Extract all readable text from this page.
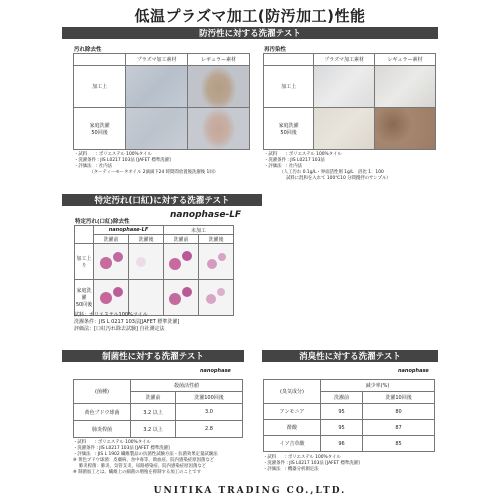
低温プラズマ加工(防汚加工)性能
防汚性に対する洗濯テスト
汚れ除去性
	プラズマ加工素材	レギュラー素材
加工上	

家庭洗濯
50回後	

・試料　　: ポリエステル 100%タイル
・洗濯条件 : JIS L0217 103法 [JAFET 標準洗濯]
・評価法　: 社内法
　　　　（ターティーモータオイル 2滴滴下24 時間間放置後洗濯後 1回）
再汚染性
	プラズマ加工素材	レギュラー素材
加工上	

家庭洗濯
50回後	

・試料　　: ポリエステル 100%タイル
・洗濯条件 : JIS L0217 103法
・評価法　: 社内法
　　　　（人工汚れ 0.1g/L・界面活性剤 1g/L　浴比 1：100
　　　　　試料に混和を入れて 100℃10 分間攪拌のサンプル）
特定汚れ(口紅)に対する洗濯テスト
特定汚れ(口紅)除去性
nanophase-LF
	nanophase-LF		未加工	
	洗濯前	洗濯後	洗濯前	洗濯後
加工上り				
家庭洗濯
50回後				
試料：ポリエステル100%ツイル
洗濯条件：JIS L 0217 103法[JAFET 標準洗濯]
評価法：[口紅汚れ除去試験] 自社測定法
制菌性に対する洗濯テスト
nanophase
(菌種)	殺菌活性値	
	洗濯前	洗濯100回後
黄色ブドウ球菌	3.2 以上	3.0
肺炎桿菌	3.2 以上	2.8
・試料　　: ポリエステル 100%タイル
・洗濯条件 : JIS L0217 103法 [JAFET 標準洗濯]
・評価法　: JIS L 1902 繊維製品の抗菌性試験方法・抗菌効果定量試験法
※ 黄色ブドウ球菌：皮膚病、食中毒等、敗血症、院内感染症原因菌など
　 肺炎桿菌：肺炎、気管支炎、尿路感染症、院内感染症原因菌など
※ 制菌加工とは、繊維上の細菌の増殖を抑制する加工のことです
消臭性に対する洗濯テスト
nanophase
(臭気成分)	減少率(%)	
	洗濯前	洗濯10回後
アンモニア	95	80
酢酸	95	87
イソ吉草酸	96	85
・試料　　: ポリエステル 100%タイル
・洗濯条件 : JIS L0217 103法 [JAFET 標準洗濯]
・評価法　: 機器分析測定法
UNITIKA TRADING CO.,LTD.
